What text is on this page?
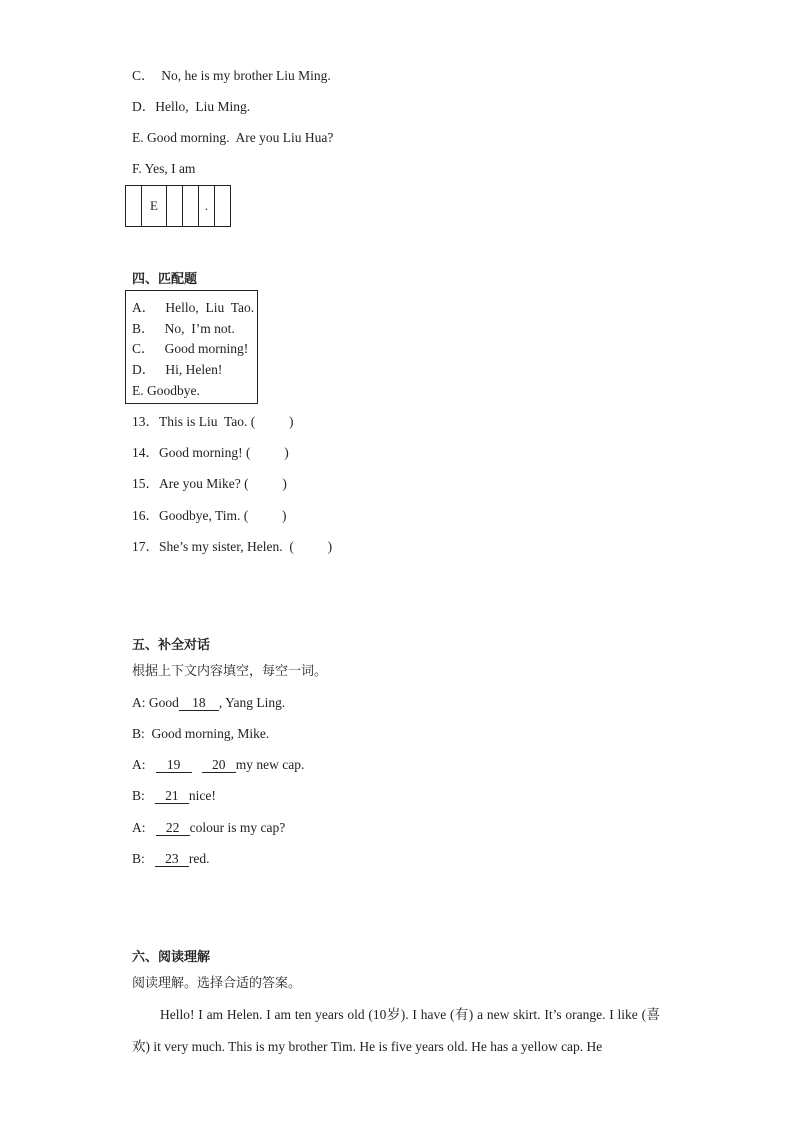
C．  No, he is my brother Liu Ming.
D．Hello,  Liu Ming.
E. Good morning.  Are you Liu Hua?
F. Yes, I am
	E			.	
四、匹配题
A．   Hello,  Liu  Tao.
B．   No,  I’m not.
C．   Good morning!
D．   Hi, Helen!
E. Goodbye.
13．This is Liu  Tao. (          )
14．Good morning! (          )
15．Are you Mike? (          )
16．Goodbye, Tim. (          )
17．She’s my sister, Helen.  (          )
五、补全对话
根据上下文内容填空，每空一词。
A: Good 18 , Yang Ling.
B:  Good morning, Mike.
A:   19 20 my new cap.
B:   21 nice!
A:   22 colour is my cap?
B:   23 red.
六、阅读理解
阅读理解。选择合适的答案。
Hello! I am Helen. I am ten years old (10岁). I have (有) a new skirt. It’s orange. I like (喜欢) it very much. This is my brother Tim. He is five years old. He has a yellow cap. He
